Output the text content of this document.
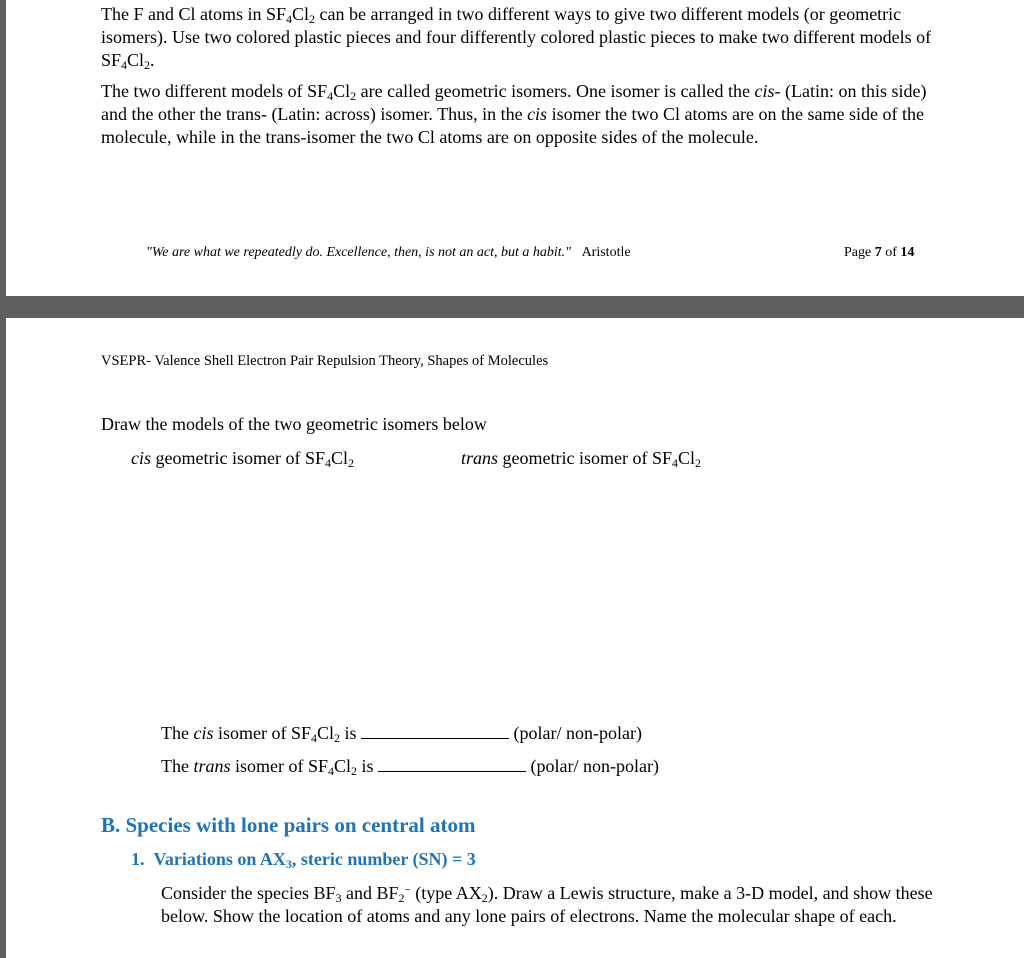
The F and Cl atoms in $SF_4Cl_2$ can be arranged in two different ways to give two different models (or geometric isomers). Use two colored plastic pieces and four differently colored plastic pieces to make two different models of $SF_4Cl_2$.

The two different models of $SF_4Cl_2$ are called geometric isomers. One isomer is called the cis- (Latin: on this side) and the other the trans- (Latin: across) isomer. Thus, in the cis isomer the two Cl atoms are on the same side of the molecule, while in the trans-isomer the two Cl atoms are on opposite sides of the molecule.

"We are what we repeatedly do. Excellence, then, is not an act, but a habit." Aristotle	Page 7 of 14
VSEPR- Valence Shell Electron Pair Repulsion Theory, Shapes of Molecules

Draw the models of the two geometric isomers below

cis geometric isomer of $SF_4Cl_2$	trans geometric isomer of $SF_4Cl_2$

The cis isomer of $SF_4Cl_2$ is	(polar/ non-polar)

The trans isomer of $SF_4Cl_2$ is	(polar/ non-polar)

B. Species with lone pairs on central atom

1. Variations on $AX_3$, steric number (SN) = 3

Consider the species $BF_3$ and $BF_2^-$ (type $AX_2$). Draw a Lewis structure, make a 3-D model, and show these below. Show the location of atoms and any lone pairs of electrons. Name the molecular shape of each.
